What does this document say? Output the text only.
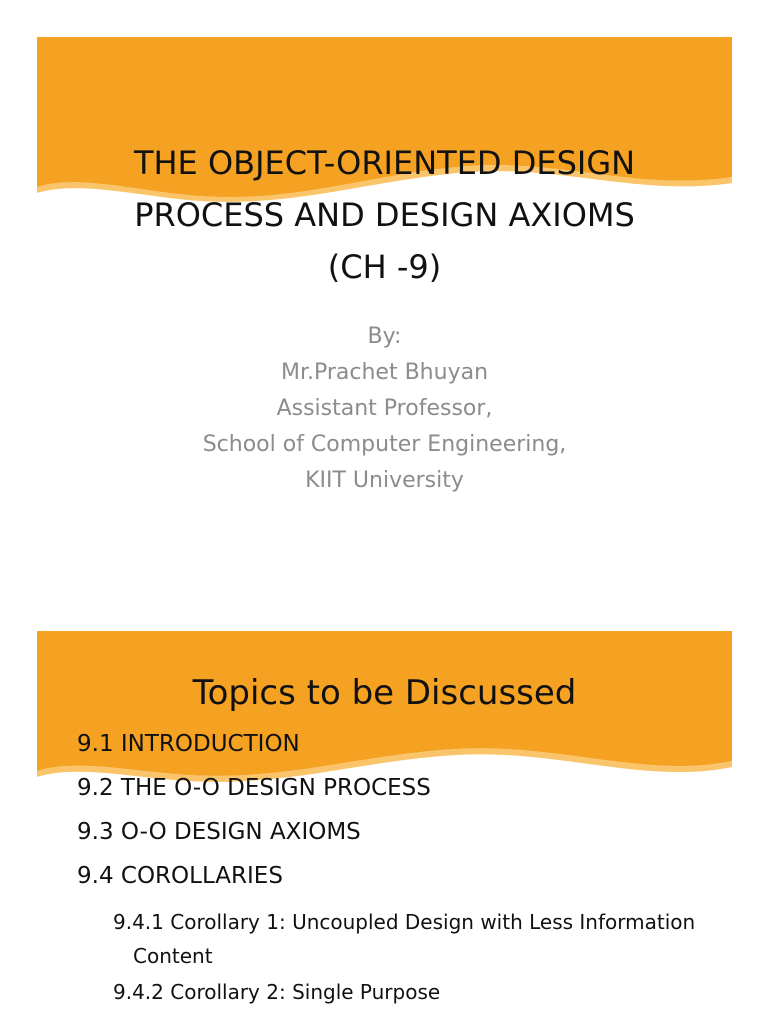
THE OBJECT-ORIENTED DESIGN
PROCESS AND DESIGN AXIOMS
(CH -9)
By:
Mr.Prachet Bhuyan
Assistant Professor,
School of Computer Engineering,
KIIT University
Topics to be Discussed
9.1 INTRODUCTION
9.2 THE O-O DESIGN PROCESS
9.3 O-O DESIGN AXIOMS
9.4 COROLLARIES
9.4.1 Corollary 1: Uncoupled Design with Less Information Content
9.4.2 Corollary 2: Single Purpose
